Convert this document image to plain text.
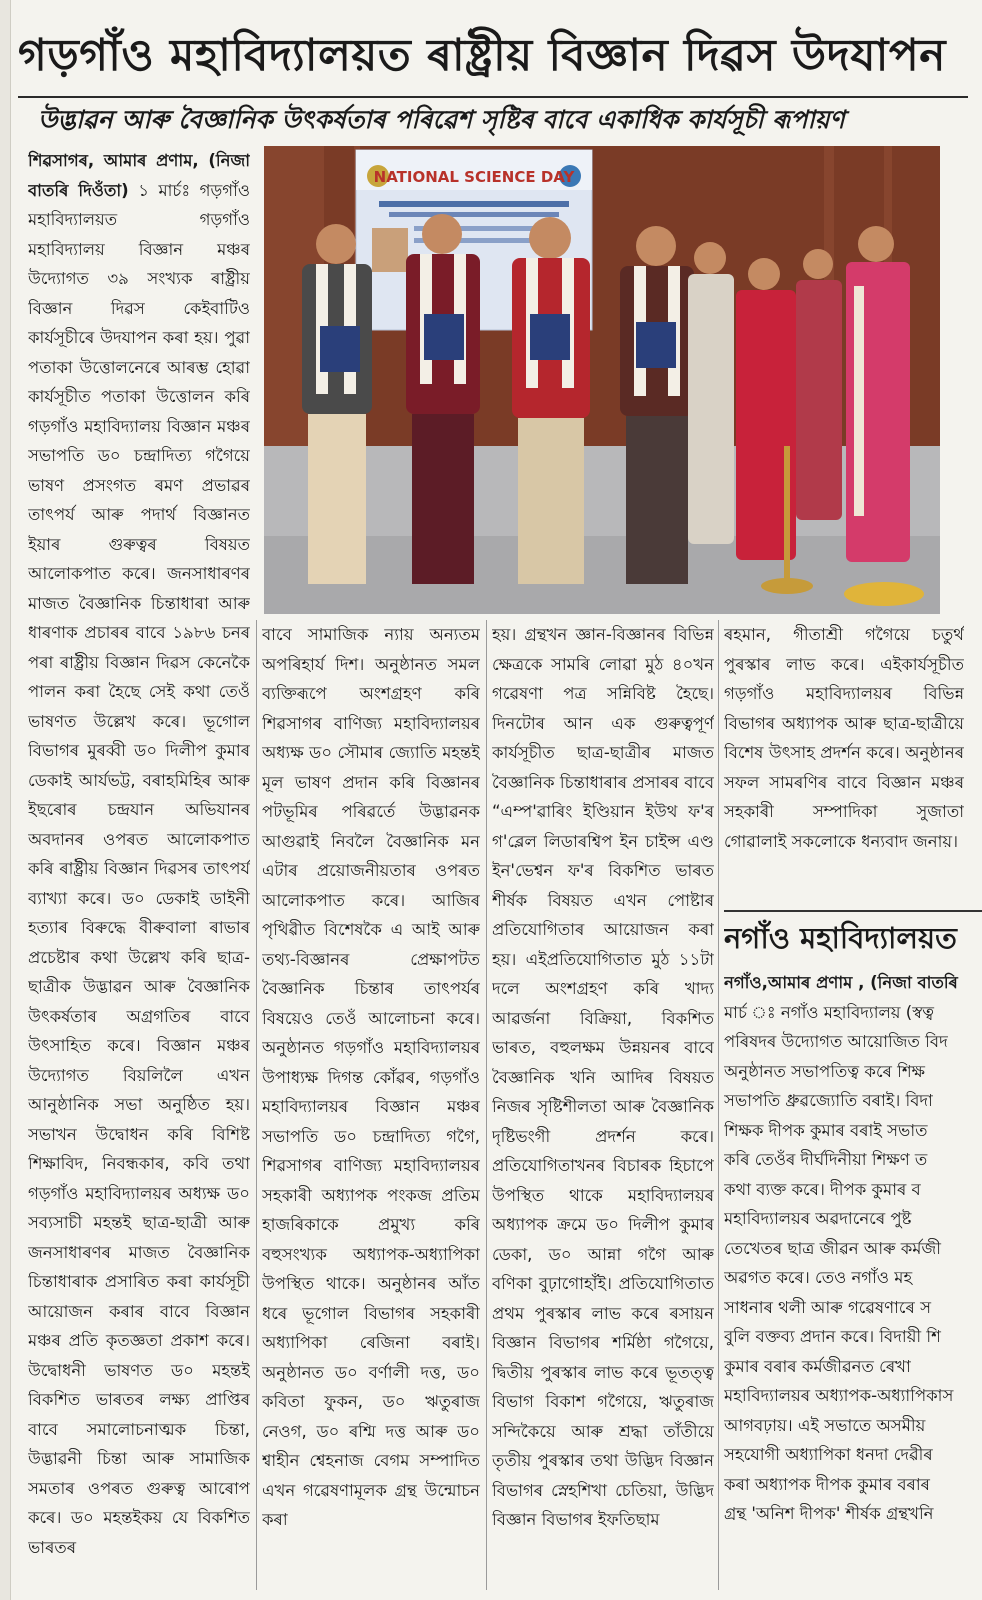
গড়গাঁও মহাবিদ্যালয়ত ৰাষ্ট্ৰীয় বিজ্ঞান দিৱস উদযাপন
উদ্ভাৱন আৰু বৈজ্ঞানিক উৎকৰ্ষতাৰ পৰিৱেশ সৃষ্টিৰ বাবে একাধিক কাৰ্যসূচী ৰূপায়ণ
শিৱসাগৰ, আমাৰ প্ৰণাম, (নিজা বাতৰি দিওঁতা) ১ মাৰ্চঃ গড়গাঁও মহাবিদ্যালয়ত গড়গাঁও মহাবিদ্যালয় বিজ্ঞান মঞ্চৰ উদ্যোগত ৩৯ সংখ্যক ৰাষ্ট্ৰীয় বিজ্ঞান দিৱস কেইবাটিও কাৰ্যসূচীৰে উদযাপন কৰা হয়। পুৱা পতাকা উত্তোলনেৰে আৰম্ভ হোৱা কাৰ্যসূচীত পতাকা উত্তোলন কৰি গড়গাঁও মহাবিদ্যালয় বিজ্ঞান মঞ্চৰ সভাপতি ড০ চন্দ্ৰাদিত্য গগৈয়ে ভাষণ প্ৰসংগত ৰমণ প্ৰভাৱৰ তাৎপৰ্য আৰু পদাৰ্থ বিজ্ঞানত ইয়াৰ গুৰুত্বৰ বিষয়ত আলোকপাত কৰে। জনসাধাৰণৰ মাজত বৈজ্ঞানিক চিন্তাধাৰা আৰু ধাৰণাক প্ৰচাৰৰ বাবে ১৯৮৬ চনৰ পৰা ৰাষ্ট্ৰীয় বিজ্ঞান দিৱস কেনেকৈ পালন কৰা হৈছে সেই কথা তেওঁ ভাষণত উল্লেখ কৰে। ভূগোল বিভাগৰ মুৰব্বী ড০ দিলীপ কুমাৰ ডেকাই আৰ্যভট্ট, বৰাহমিহিৰ আৰু ইছৰোৰ চন্দ্ৰযান অভিযানৰ অবদানৰ ওপৰত আলোকপাত কৰি ৰাষ্ট্ৰীয় বিজ্ঞান দিৱসৰ তাৎপৰ্য ব্যাখ্যা কৰে। ড০ ডেকাই ডাইনী হত্যাৰ বিৰুদ্ধে বীৰুবালা ৰাভাৰ প্ৰচেষ্টাৰ কথা উল্লেখ কৰি ছাত্ৰ-ছাত্ৰীক উদ্ভাৱন আৰু বৈজ্ঞানিক উৎকৰ্ষতাৰ অগ্ৰগতিৰ বাবে উৎসাহিত কৰে। বিজ্ঞান মঞ্চৰ উদ্যোগত বিয়লিলৈ এখন আনুষ্ঠানিক সভা অনুষ্ঠিত হয়। সভাখন উদ্বোধন কৰি বিশিষ্ট শিক্ষাবিদ, নিবন্ধকাৰ, কবি তথা গড়গাঁও মহাবিদ্যালয়ৰ অধ্যক্ষ ড০ সব্যসাচী মহন্তই ছাত্ৰ-ছাত্ৰী আৰু জনসাধাৰণৰ মাজত বৈজ্ঞানিক চিন্তাধাৰাক প্ৰসাৰিত কৰা কাৰ্যসূচী আয়োজন কৰাৰ বাবে বিজ্ঞান মঞ্চৰ প্ৰতি কৃতজ্ঞতা প্ৰকাশ কৰে। উদ্বোধনী ভাষণত ড০ মহন্তই বিকশিত ভাৰতৰ লক্ষ্য প্ৰাপ্তিৰ বাবে সমালোচনাত্মক চিন্তা, উদ্ভাৱনী চিন্তা আৰু সামাজিক সমতাৰ ওপৰত গুৰুত্ব আৰোপ কৰে। ড০ মহন্তইকয় যে বিকশিত ভাৰতৰ
NATIONAL SCIENCE DAY
বাবে সামাজিক ন্যায় অন্যতম অপৰিহাৰ্য দিশ। অনুষ্ঠানত সমল ব্যক্তিৰূপে অংশগ্ৰহণ কৰি শিৱসাগৰ বাণিজ্য মহাবিদ্যালয়ৰ অধ্যক্ষ ড০ সৌমাৰ জ্যোতি মহন্তই মূল ভাষণ প্ৰদান কৰি বিজ্ঞানৰ পটভূমিৰ পৰিৱৰ্তে উদ্ভাৱনক আগুৱাই নিবলৈ বৈজ্ঞানিক মন এটাৰ প্ৰয়োজনীয়তাৰ ওপৰত আলোকপাত কৰে। আজিৰ পৃথিৱীত বিশেষকৈ এ আই আৰু তথ্য-বিজ্ঞানৰ প্ৰেক্ষাপটত বৈজ্ঞানিক চিন্তাৰ তাৎপৰ্যৰ বিষয়েও তেওঁ আলোচনা কৰে। অনুষ্ঠানত গড়গাঁও মহাবিদ্যালয়ৰ উপাধ্যক্ষ দিগন্ত কোঁৱৰ, গড়গাঁও মহাবিদ্যালয়ৰ বিজ্ঞান মঞ্চৰ সভাপতি ড০ চন্দ্ৰাদিত্য গগৈ, শিৱসাগৰ বাণিজ্য মহাবিদ্যালয়ৰ সহকাৰী অধ্যাপক পংকজ প্ৰতিম হাজৰিকাকে প্ৰমুখ্য কৰি বহুসংখ্যক অধ্যাপক-অধ্যাপিকা উপস্থিত থাকে। অনুষ্ঠানৰ আঁত ধৰে ভূগোল বিভাগৰ সহকাৰী অধ্যাপিকা ৰেজিনা বৰাই। অনুষ্ঠানত ড০ বৰ্ণালী দত্ত, ড০ কবিতা ফুকন, ড০ ঋতুৰাজ নেওগ, ড০ ৰশ্মি দত্ত আৰু ড০ শ্বাহীন শ্বেহনাজ বেগম সম্পাদিত এখন গৱেষণামূলক গ্ৰন্থ উন্মোচন কৰা
হয়। গ্ৰন্থখন জ্ঞান-বিজ্ঞানৰ বিভিন্ন ক্ষেত্ৰকে সামৰি লোৱা মুঠ ৪০খন গৱেষণা পত্ৰ সন্নিবিষ্ট হৈছে। দিনটোৰ আন এক গুৰুত্বপূৰ্ণ কাৰ্যসূচীত ছাত্ৰ-ছাত্ৰীৰ মাজত বৈজ্ঞানিক চিন্তাধাৰাৰ প্ৰসাৰৰ বাবে “এম্প'ৱাৰিং ইণ্ডিয়ান ইউথ ফ'ৰ গ'ব্লেল লিডাৰশ্বিপ ইন চাইন্স এণ্ড ইন'ভেশ্বন ফ'ৰ বিকশিত ভাৰত শীৰ্ষক বিষয়ত এখন পোষ্টাৰ প্ৰতিযোগিতাৰ আয়োজন কৰা হয়। এইপ্ৰতিযোগিতাত মুঠ ১১টা দলে অংশগ্ৰহণ কৰি খাদ্য আৱৰ্জনা বিক্ৰিয়া, বিকশিত ভাৰত, বহুলক্ষম উন্নয়নৰ বাবে বৈজ্ঞানিক খনি আদিৰ বিষয়ত নিজৰ সৃষ্টিশীলতা আৰু বৈজ্ঞানিক দৃষ্টিভংগী প্ৰদৰ্শন কৰে। প্ৰতিযোগিতাখনৰ বিচাৰক হিচাপে উপস্থিত থাকে মহাবিদ্যালয়ৰ অধ্যাপক ক্ৰমে ড০ দিলীপ কুমাৰ ডেকা, ড০ আন্না গগৈ আৰু বণিকা বুঢ়াগোহাঁই। প্ৰতিযোগিতাত প্ৰথম পুৰস্কাৰ লাভ কৰে ৰসায়ন বিজ্ঞান বিভাগৰ শৰ্মিষ্ঠা গগৈয়ে, দ্বিতীয় পুৰস্কাৰ লাভ কৰে ভূতত্ত্ব বিভাগ বিকাশ গগৈয়ে, ঋতুৰাজ সন্দিকৈয়ে আৰু শ্ৰদ্ধা তাঁতীয়ে তৃতীয় পুৰস্কাৰ তথা উদ্ভিদ বিজ্ঞান বিভাগৰ স্নেহশিখা চেতিয়া, উদ্ভিদ বিজ্ঞান বিভাগৰ ইফতিছাম
ৰহমান, গীতাশ্ৰী গগৈয়ে চতুৰ্থ পুৰস্কাৰ লাভ কৰে। এইকাৰ্যসূচীত গড়গাঁও মহাবিদ্যালয়ৰ বিভিন্ন বিভাগৰ অধ্যাপক আৰু ছাত্ৰ-ছাত্ৰীয়ে বিশেষ উৎসাহ প্ৰদৰ্শন কৰে। অনুষ্ঠানৰ সফল সামৰণিৰ বাবে বিজ্ঞান মঞ্চৰ সহকাৰী সম্পাদিকা সুজাতা গোৱালাই সকলোকে ধন্যবাদ জনায়।
নগাঁও মহাবিদ্যালয়ত
নগাঁও,আমাৰ প্ৰণাম , (নিজা বাতৰি
মাৰ্চ ঃ নগাঁও মহাবিদ্যালয় (স্বত্ব
পৰিষদৰ উদ্যোগত আয়োজিত বিদ
অনুষ্ঠানত সভাপতিত্ব কৰে শিক্ষ
সভাপতি ধ্ৰুৱজ্যোতি বৰাই। বিদা
শিক্ষক দীপক কুমাৰ বৰাই সভাত
কৰি তেওঁৰ দীৰ্ঘদিনীয়া শিক্ষণ ত
কথা ব্যক্ত কৰে। দীপক কুমাৰ ব
মহাবিদ্যালয়ৰ অৱদানেৰে পুষ্ট
তেখেতৰ ছাত্ৰ জীৱন আৰু কৰ্মজী
অৱগত কৰে। তেও নগাঁও মহ
সাধনাৰ থলী আৰু গৱেষণাৰে স
বুলি বক্তব্য প্ৰদান কৰে। বিদায়ী শি
কুমাৰ বৰাৰ কৰ্মজীৱনত ৰেখা
মহাবিদ্যালয়ৰ অধ্যাপক-অধ্যাপিকাস
আগবঢ়ায়। এই সভাতে অসমীয়
সহযোগী অধ্যাপিকা ধনদা দেৱীৰ
কৰা অধ্যাপক দীপক কুমাৰ বৰাৰ
গ্ৰন্থ 'অনিশ দীপক' শীৰ্ষক গ্ৰন্থখনি
